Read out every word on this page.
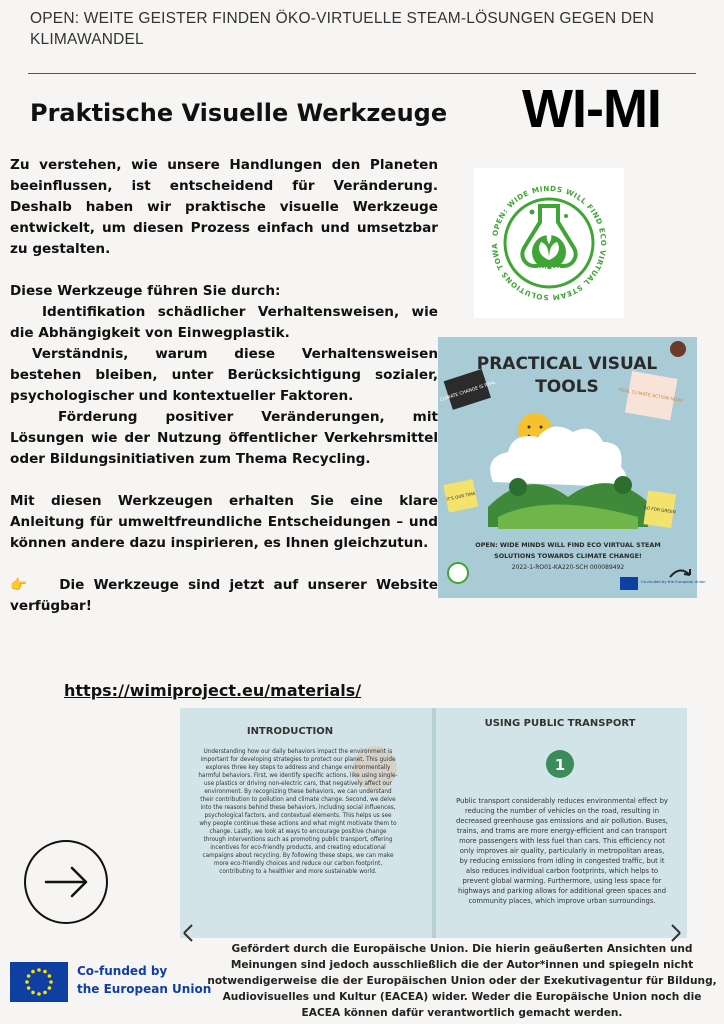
OPEN: WEITE GEISTER FINDEN ÖKO-VIRTUELLE STEAM-LÖSUNGEN GEGEN DEN KLIMAWANDEL
Praktische Visuelle Werkzeuge WI-MI

Zu verstehen, wie unsere Handlungen den Planeten beeinflussen, ist entscheidend für Veränderung. Deshalb haben wir praktische visuelle Werkzeuge entwickelt, um diesen Prozess einfach und umsetzbar zu gestalten.

Diese Werkzeuge führen Sie durch:

Identifikation schädlicher Verhaltensweisen, wie die Abhängigkeit von Einwegplastik.

Verständnis, warum diese Verhaltensweisen bestehen bleiben, unter Berücksichtigung sozialer, psychologischer und kontextueller Faktoren.

Förderung positiver Veränderungen, mit Lösungen wie der Nutzung öffentlicher Verkehrsmittel oder Bildungsinitiativen zum Thema Recycling.

Mit diesen Werkzeugen erhalten Sie eine klare Anleitung für umweltfreundliche Entscheidungen – und können andere dazu inspirieren, es Ihnen gleichzutun.

👉 Die Werkzeuge sind jetzt auf unserer Website verfügbar!

https://wimiproject.eu/materials/
OPEN: WIDE MINDS WILL FIND ECO VIRTUAL STEAM SOLUTIONS TOWA
WI-MI
PRACTICAL VISUAL
TOOLS
CLIMATE CHANGE IS REAL	REAL CLIMATE ACTION NOW!
IT'S OUR TIME
GO FOR GREEN
OPEN: WIDE MINDS WILL FIND ECO VIRTUAL STEAM
SOLUTIONS TOWARDS CLIMATE CHANGE!
2022-1-RO01-KA220-SCH 000089492
Co-funded by the European Union
INTRODUCTION
USING PUBLIC TRANSPORT
1
Understanding how our daily behaviors impact the environment is important for developing strategies to protect our planet. This guide explores three key steps to address and change environmentally harmful behaviors. First, we identify specific actions, like using single-use plastics or driving non-electric cars, that negatively affect our environment. By recognizing these behaviors, we can understand their contribution to pollution and climate change. Second, we delve into the reasons behind these behaviors, including social influences, psychological factors, and contextual elements. This helps us see why people continue these actions and what might motivate them to change. Lastly, we look at ways to encourage positive change through interventions such as promoting public transport, offering incentives for eco-friendly products, and creating educational campaigns about recycling. By following these steps, we can make more eco-friendly choices and reduce our carbon footprint, contributing to a healthier and more sustainable world.
Public transport considerably reduces environmental effect by reducing the number of vehicles on the road, resulting in decreased greenhouse gas emissions and air pollution. Buses, trains, and trams are more energy-efficient and can transport more passengers with less fuel than cars. This efficiency not only improves air quality, particularly in metropolitan areas, by reducing emissions from idling in congested traffic, but it also reduces individual carbon footprints, which helps to prevent global warming. Furthermore, using less space for highways and parking allows for additional green spaces and community places, which improve urban surroundings.
Co-funded by
the European Union
Gefördert durch die Europäische Union. Die hierin geäußerten Ansichten und Meinungen sind jedoch ausschließlich die der Autor*innen und spiegeln nicht notwendigerweise die der Europäischen Union oder der Exekutivagentur für Bildung, Audiovisuelles und Kultur (EACEA) wider. Weder die Europäische Union noch die EACEA können dafür verantwortlich gemacht werden.
